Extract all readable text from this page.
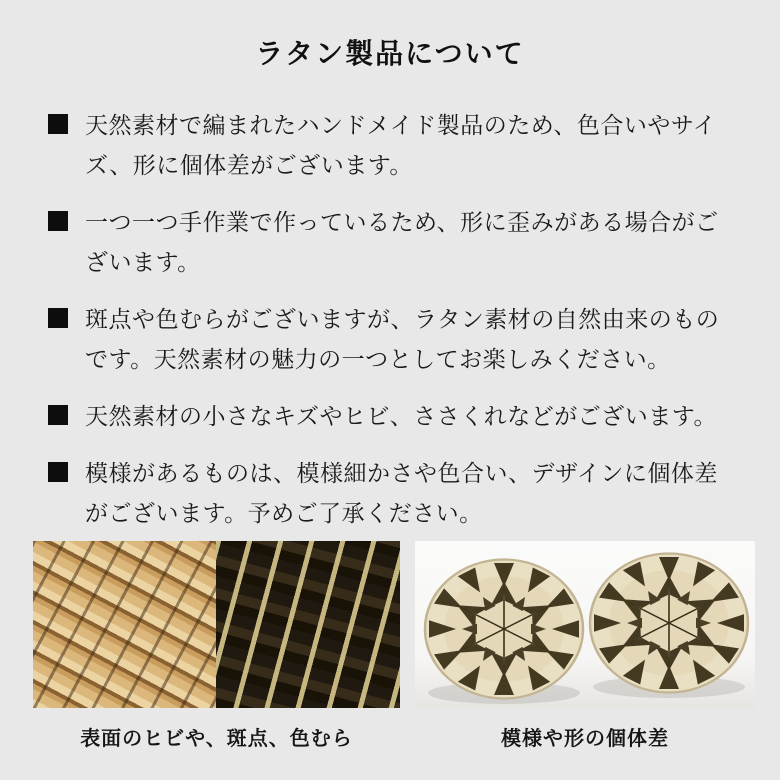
ラタン製品について
天然素材で編まれたハンドメイド製品のため、色合いやサイズ、形に個体差がございます。
一つ一つ手作業で作っているため、形に歪みがある場合がございます。
斑点や色むらがございますが、ラタン素材の自然由来のものです。天然素材の魅力の一つとしてお楽しみください。
天然素材の小さなキズやヒビ、ささくれなどがございます。
模様があるものは、模様細かさや色合い、デザインに個体差がございます。予めご了承ください。
表面のヒビや、斑点、色むら	模様や形の個体差
